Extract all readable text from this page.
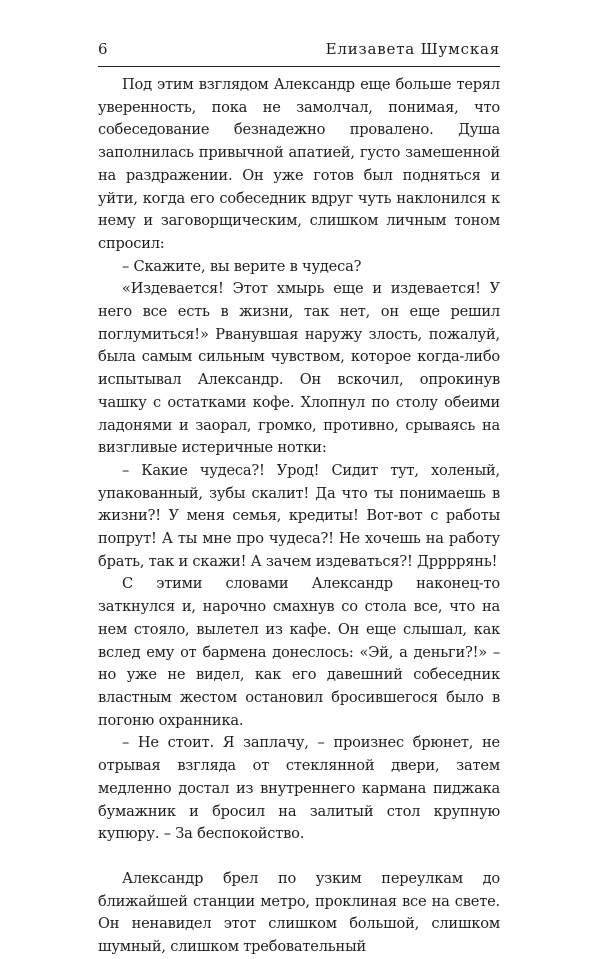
6	Елизавета Шумская

Под этим взглядом Александр еще больше терял уверенность, пока не замолчал, понимая, что собеседование безнадежно провалено. Душа заполнилась привычной апатией, густо замешенной на раздражении. Он уже готов был подняться и уйти, когда его собеседник вдруг чуть наклонился к нему и заговорщическим, слишком личным тоном спросил:

– Скажите, вы верите в чудеса?

«Издевается! Этот хмырь еще и издевается! У него все есть в жизни, так нет, он еще решил поглумиться!» Рванувшая наружу злость, пожалуй, была самым сильным чувством, которое когда-либо испытывал Александр. Он вскочил, опрокинув чашку с остатками кофе. Хлопнул по столу обеими ладонями и заорал, громко, противно, срываясь на визгливые истеричные нотки:

– Какие чудеса?! Урод! Сидит тут, холеный, упакованный, зубы скалит! Да что ты понимаешь в жизни?! У меня семья, кредиты! Вот-вот с работы попрут! А ты мне про чудеса?! Не хочешь на работу брать, так и скажи! А зачем издеваться?! Дррррянь!

С этими словами Александр наконец-то заткнулся и, нарочно смахнув со стола все, что на нем стояло, вылетел из кафе. Он еще слышал, как вслед ему от бармена донеслось: «Эй, а деньги?!» – но уже не видел, как его давешний собеседник властным жестом остановил бросившегося было в погоню охранника.

– Не стоит. Я заплачу, – произнес брюнет, не отрывая взгляда от стеклянной двери, затем медленно достал из внутреннего кармана пиджака бумажник и бросил на залитый стол крупную купюру. – За беспокойство.

Александр брел по узким переулкам до ближайшей станции метро, проклиная все на свете. Он ненавидел этот слишком большой, слишком шумный, слишком требовательный
